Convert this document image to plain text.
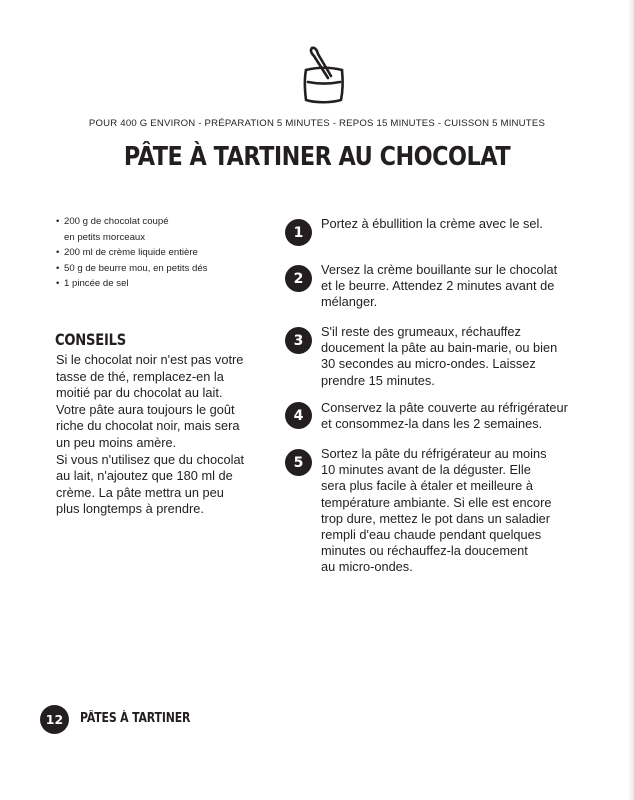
POUR 400 G ENVIRON - PRÉPARATION 5 MINUTES - REPOS 15 MINUTES - CUISSON 5 MINUTES
PÂTE À TARTINER AU CHOCOLAT
• 200 g de chocolat coupé
en petits morceaux
• 200 ml de crème liquide entière
• 50 g de beurre mou, en petits dés
• 1 pincée de sel
CONSEILS
Si le chocolat noir n'est pas votre
tasse de thé, remplacez-en la
moitié par du chocolat au lait.
Votre pâte aura toujours le goût
riche du chocolat noir, mais sera
un peu moins amère.
Si vous n'utilisez que du chocolat
au lait, n'ajoutez que 180 ml de
crème. La pâte mettra un peu
plus longtemps à prendre.
1
Portez à ébullition la crème avec le sel.
2
Versez la crème bouillante sur le chocolat
et le beurre. Attendez 2 minutes avant de
mélanger.
3
S'il reste des grumeaux, réchauffez
doucement la pâte au bain-marie, ou bien
30 secondes au micro-ondes. Laissez
prendre 15 minutes.
4	Conservez la pâte couverte au réfrigérateur
et consommez-la dans les 2 semaines.
5
Sortez la pâte du réfrigérateur au moins
10 minutes avant de la déguster. Elle
sera plus facile à étaler et meilleure à
température ambiante. Si elle est encore
trop dure, mettez le pot dans un saladier
rempli d'eau chaude pendant quelques
minutes ou réchauffez-la doucement
au micro-ondes.
12	PÂTES À TARTINER
